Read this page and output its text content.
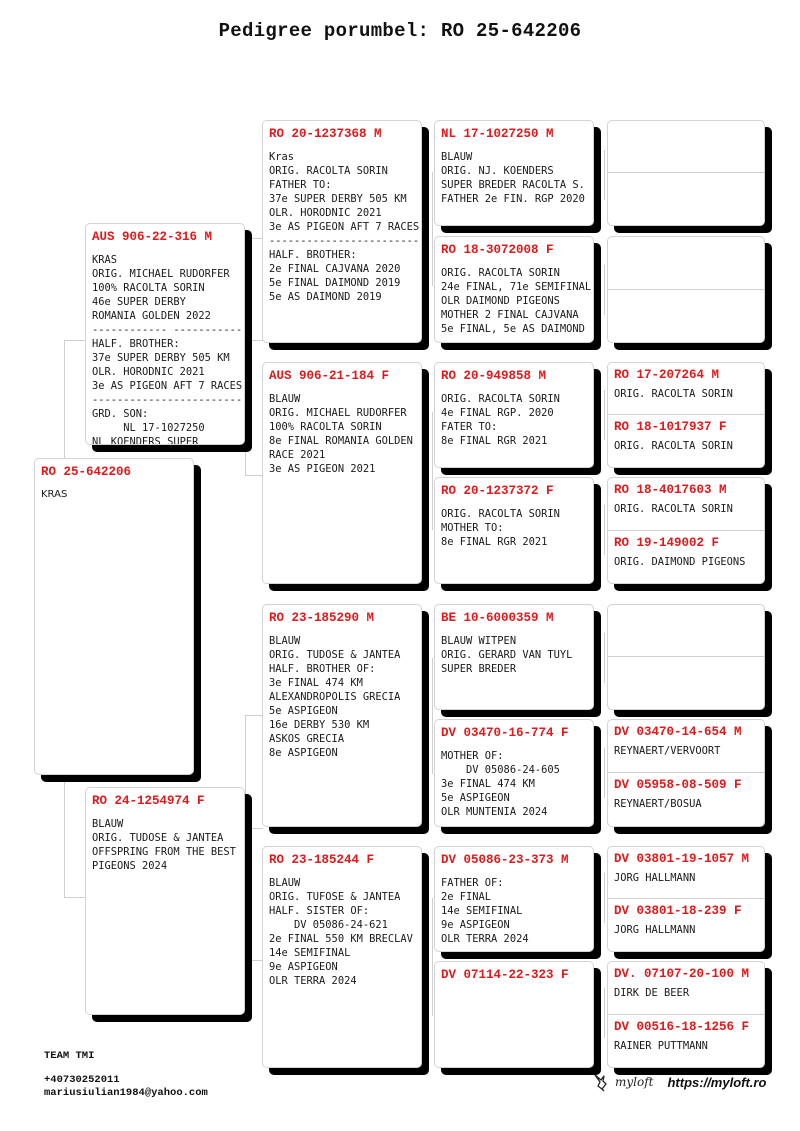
Pedigree porumbel: RO 25-642206
RO 25-642206
KRAS
AUS 906-22-316 M
KRAS
ORIG. MICHAEL RUDORFER
100% RACOLTA SORIN
46e SUPER DERBY
ROMANIA GOLDEN 2022
------------ -----------
HALF. BROTHER:
37e SUPER DERBY 505 KM
OLR. HORODNIC 2021
3e AS PIGEON AFT 7 RACES
------------------------
GRD. SON:
NL 17-1027250
NL KOENDERS SUPER
RO 24-1254974 F
BLAUW
ORIG. TUDOSE & JANTEA
OFFSPRING FROM THE BEST
PIGEONS 2024
RO 20-1237368 M
Kras
ORIG. RACOLTA SORIN
FATHER TO:
37e SUPER DERBY 505 KM
OLR. HORODNIC 2021
3e AS PIGEON AFT 7 RACES
------------------------
HALF. BROTHER:
2e FINAL CAJVANA 2020
5e FINAL DAIMOND 2019
5e AS DAIMOND 2019
AUS 906-21-184 F
BLAUW
ORIG. MICHAEL RUDORFER
100% RACOLTA SORIN
8e FINAL ROMANIA GOLDEN
RACE 2021
3e AS PIGEON 2021
RO 23-185290 M
BLAUW
ORIG. TUDOSE & JANTEA
HALF. BROTHER OF:
3e FINAL 474 KM
ALEXANDROPOLIS GRECIA
5e ASPIGEON
16e DERBY 530 KM
ASKOS GRECIA
8e ASPIGEON
RO 23-185244 F
BLAUW
ORIG. TUFOSE & JANTEA
HALF. SISTER OF:
DV 05086-24-621
2e FINAL 550 KM BRECLAV
14e SEMIFINAL
9e ASPIGEON
OLR TERRA 2024
NL 17-1027250 M
BLAUW
ORIG. NJ. KOENDERS
SUPER BREDER RACOLTA S.
FATHER 2e FIN. RGP 2020
RO 18-3072008 F
ORIG. RACOLTA SORIN
24e FINAL, 71e SEMIFINAL
OLR DAIMOND PIGEONS
MOTHER 2 FINAL CAJVANA
5e FINAL, 5e AS DAIMOND
RO 20-949858 M
ORIG. RACOLTA SORIN
4e FINAL RGP. 2020
FATER TO:
8e FINAL RGR 2021
RO 20-1237372 F
ORIG. RACOLTA SORIN
MOTHER TO:
8e FINAL RGR 2021
BE 10-6000359 M
BLAUW WITPEN
ORIG. GERARD VAN TUYL
SUPER BREDER
DV 03470-16-774 F
MOTHER OF:
DV 05086-24-605
3e FINAL 474 KM
5e ASPIGEON
OLR MUNTENIA 2024
DV 05086-23-373 M
FATHER OF:
2e FINAL
14e SEMIFINAL
9e ASPIGEON
OLR TERRA 2024
DV 07114-22-323 F
RO 17-207264 M
ORIG. RACOLTA SORIN
RO 18-1017937 F
ORIG. RACOLTA SORIN
RO 18-4017603 M
ORIG. RACOLTA SORIN
RO 19-149002 F
ORIG. DAIMOND PIGEONS
DV 03470-14-654 M
REYNAERT/VERVOORT
DV 05958-08-509 F
REYNAERT/BOSUA
DV 03801-19-1057 M
JORG HALLMANN
DV 03801-18-239 F
JORG HALLMANN
DV. 07107-20-100 M
DIRK DE BEER
DV 00516-18-1256 F
RAINER PUTTMANN
TEAM TMI
+40730252011
mariusiulian1984@yahoo.com
myloft https://myloft.ro
